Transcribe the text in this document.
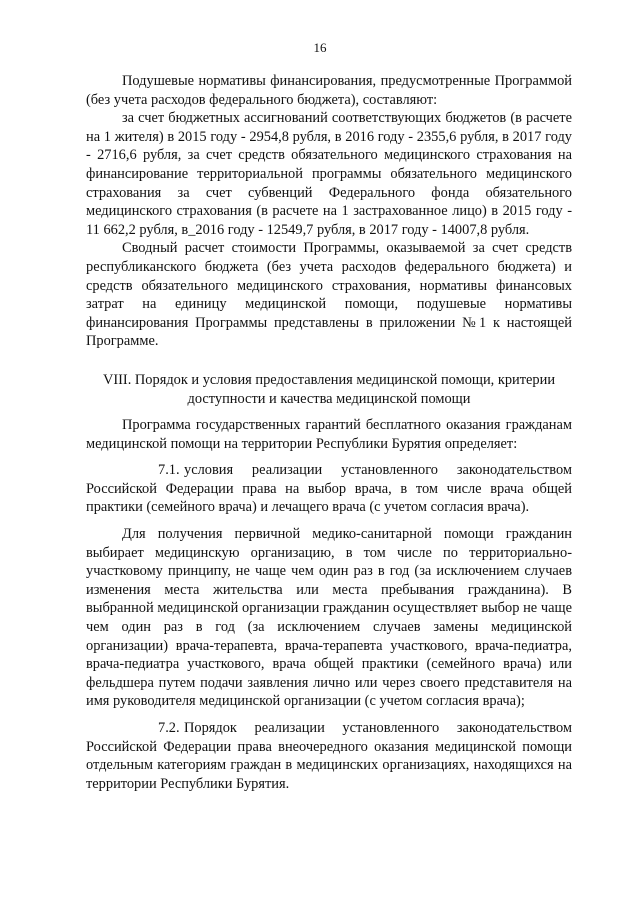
16

Подушевые нормативы финансирования, предусмотренные Программой (без учета расходов федерального бюджета), составляют:

за счет бюджетных ассигнований соответствующих бюджетов (в расчете на 1 жителя) в 2015 году - 2954,8 рубля, в 2016 году - 2355,6 рубля, в 2017 году - 2716,6 рубля, за счет средств обязательного медицинского страхования на финансирование территориальной программы обязательного медицинского страхования за счет субвенций Федерального фонда обязательного медицинского страхования (в расчете на 1 застрахованное лицо) в 2015 году - 11 662,2 рубля, в_2016 году - 12549,7 рубля, в 2017 году - 14007,8 рубля.

Сводный расчет стоимости Программы, оказываемой за счет средств республиканского бюджета (без учета расходов федерального бюджета) и средств обязательного медицинского страхования, нормативы финансовых затрат на единицу медицинской помощи, подушевые нормативы финансирования Программы представлены в приложении №1 к настоящей Программе.

VIII. Порядок и условия предоставления медицинской помощи, критерии
доступности и качества медицинской помощи

Программа государственных гарантий бесплатного оказания гражданам медицинской помощи на территории Республики Бурятия определяет:

7.1. условия реализации установленного законодательством Российской Федерации права на выбор врача, в том числе врача общей практики (семейного врача) и лечащего врача (с учетом согласия врача).

Для получения первичной медико-санитарной помощи гражданин выбирает медицинскую организацию, в том числе по территориально-участковому принципу, не чаще чем один раз в год (за исключением случаев изменения места жительства или места пребывания гражданина). В выбранной медицинской организации гражданин осуществляет выбор не чаще чем один раз в год (за исключением случаев замены медицинской организации) врача-терапевта, врача-терапевта участкового, врача-педиатра, врача-педиатра участкового, врача общей практики (семейного врача) или фельдшера путем подачи заявления лично или через своего представителя на имя руководителя медицинской организации (с учетом согласия врача);

7.2. Порядок реализации установленного законодательством Российской Федерации права внеочередного оказания медицинской помощи отдельным категориям граждан в медицинских организациях, находящихся на территории Республики Бурятия.
